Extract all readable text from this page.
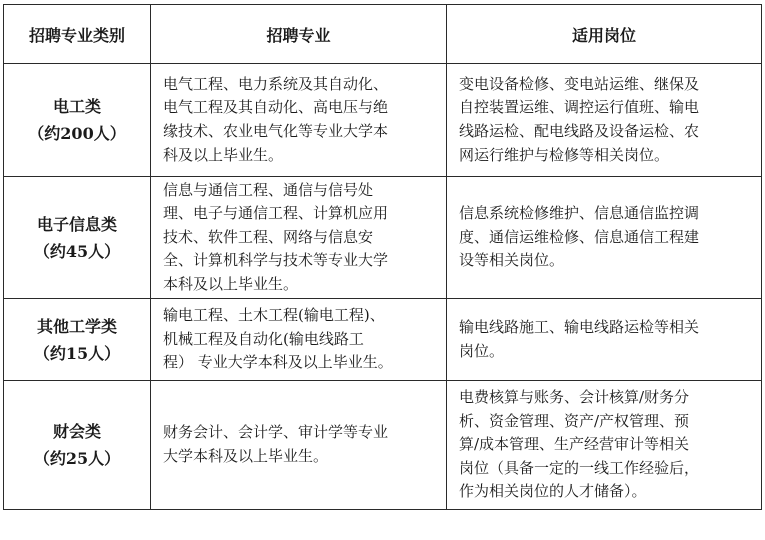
招聘专业类别	招聘专业	适用岗位

电工类
（约200人）	电气工程、电力系统及其自动化、
电气工程及其自动化、高电压与绝
缘技术、农业电气化等专业大学本
科及以上毕业生。	变电设备检修、变电站运维、继保及
自控装置运维、调控运行值班、输电
线路运检、配电线路及设备运检、农
网运行维护与检修等相关岗位。

电子信息类
（约45人）	信息与通信工程、通信与信号处
理、电子与通信工程、计算机应用
技术、软件工程、网络与信息安
全、计算机科学与技术等专业大学
本科及以上毕业生。	信息系统检修维护、信息通信监控调
度、通信运维检修、信息通信工程建
设等相关岗位。

其他工学类
（约15人）	输电工程、土木工程(输电工程)、
机械工程及自动化(输电线路工
程） 专业大学本科及以上毕业生。	输电线路施工、输电线路运检等相关
岗位。

财会类
（约25人）	财务会计、会计学、审计学等专业
大学本科及以上毕业生。	电费核算与账务、会计核算/财务分
析、资金管理、资产/产权管理、预
算/成本管理、生产经营审计等相关
岗位（具备一定的一线工作经验后，
作为相关岗位的人才储备）。
